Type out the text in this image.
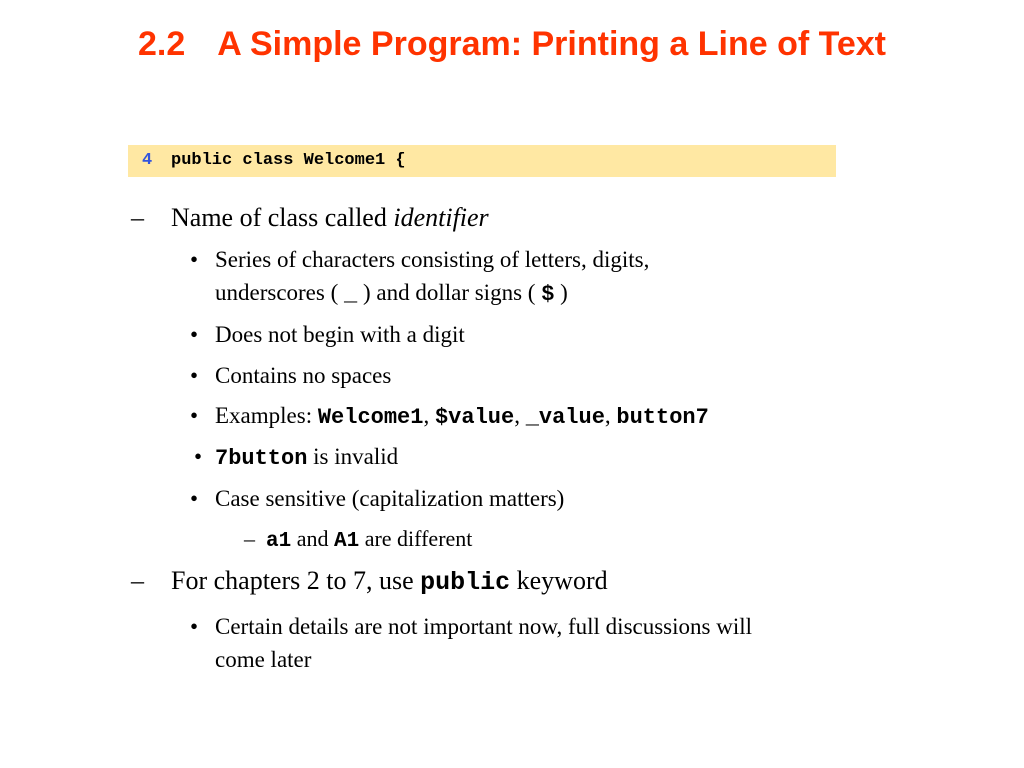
2.2 A Simple Program: Printing a Line of Text
4 public class Welcome1 {
– Name of class called identifier
• Series of characters consisting of letters, digits,
underscores ( _ ) and dollar signs ( $ )
• Does not begin with a digit
• Contains no spaces
• Examples: Welcome1, $value, _value, button7
• 7button is invalid
• Case sensitive (capitalization matters)
– a1 and A1 are different
– For chapters 2 to 7, use public keyword
• Certain details are not important now, full discussions will
come later
